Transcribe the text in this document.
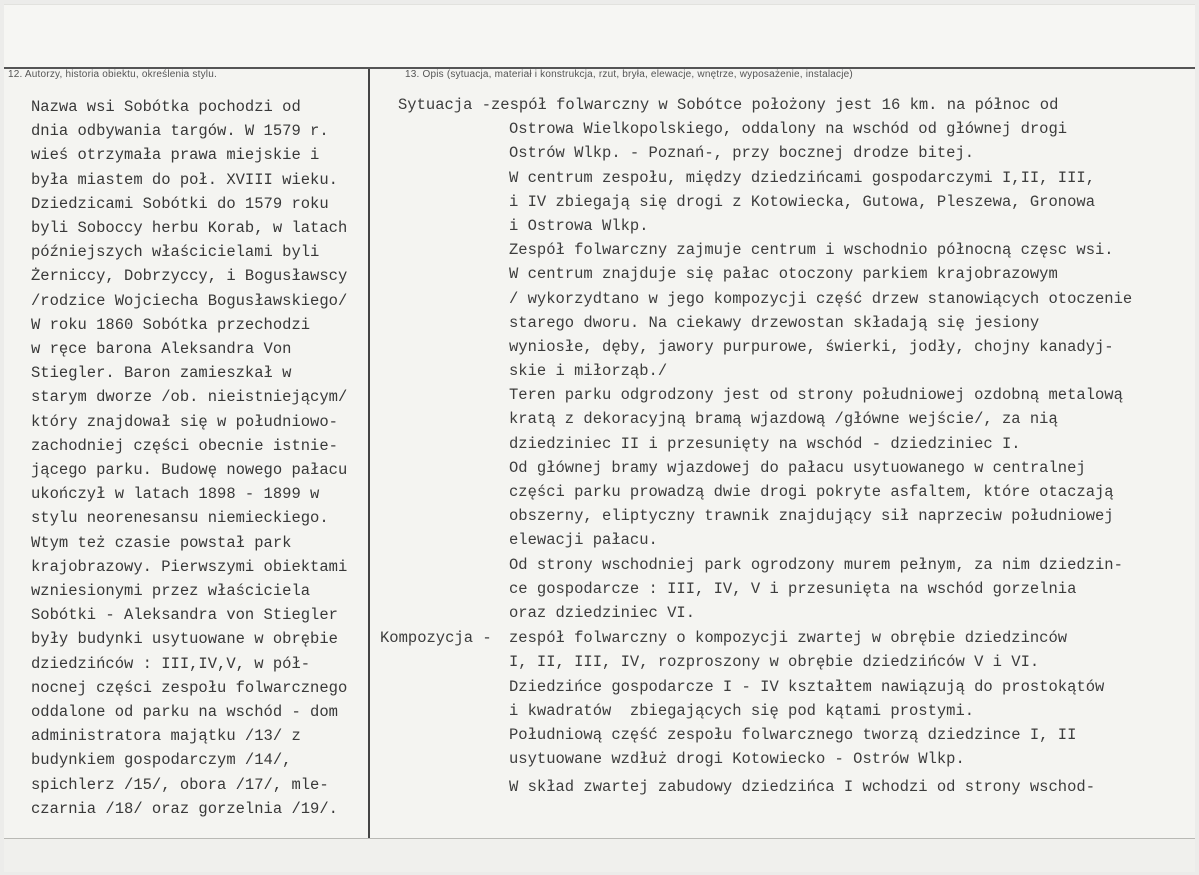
12. Autorzy, historia obiektu, określenia stylu.	13. Opis (sytuacja, materiał i konstrukcja, rzut, bryła, elewacje, wnętrze, wyposażenie, instalacje)
Nazwa wsi Sobótka pochodzi od
dnia odbywania targów. W 1579 r.
wieś otrzymała prawa miejskie i
była miastem do poł. XVIII wieku.
Dziedzicami Sobótki do 1579 roku
byli Soboccy herbu Korab, w latach
późniejszych właścicielami byli
Żerniccy, Dobrzyccy, i Bogusławscy
/rodzice Wojciecha Bogusławskiego/
W roku 1860 Sobótka przechodzi
w ręce barona Aleksandra Von
Stiegler. Baron zamieszkał w
starym dworze /ob. nieistniejącym/
który znajdował się w południowo-
zachodniej części obecnie istnie-
jącego parku. Budowę nowego pałacu
ukończył w latach 1898 - 1899 w
stylu neorenesansu niemieckiego.
Wtym też czasie powstał park
krajobrazowy. Pierwszymi obiektami
wzniesionymi przez właściciela
Sobótki - Aleksandra von Stiegler
były budynki usytuowane w obrębie
dziedzińców : III,IV,V, w pół-
nocnej części zespołu folwarcznego
oddalone od parku na wschód - dom
administratora majątku /13/ z
budynkiem gospodarczym /14/,
spichlerz /15/, obora /17/, mle-
czarnia /18/ oraz gorzelnia /19/.
Sytuacja - zespół folwarczny w Sobótce położony jest 16 km. na północ od
Ostrowa Wielkopolskiego, oddalony na wschód od głównej drogi
Ostrów Wlkp. - Poznań-, przy bocznej drodze bitej.
W centrum zespołu, między dziedzińcami gospodarczymi I,II, III,
i IV zbiegają się drogi z Kotowiecka, Gutowa, Pleszewa, Gronowa
i Ostrowa Wlkp.
Zespół folwarczny zajmuje centrum i wschodnio północną częsc wsi.
W centrum znajduje się pałac otoczony parkiem krajobrazowym
/ wykorzydtano w jego kompozycji część drzew stanowiących otoczenie
starego dworu. Na ciekawy drzewostan składają się jesiony
wyniosłe, dęby, jawory purpurowe, świerki, jodły, chojny kanadyj-
skie i miłorząb./
Teren parku odgrodzony jest od strony południowej ozdobną metalową
kratą z dekoracyjną bramą wjazdową /główne wejście/, za nią
dziedziniec II i przesunięty na wschód - dziedziniec I.
Od głównej bramy wjazdowej do pałacu usytuowanego w centralnej
części parku prowadzą dwie drogi pokryte asfaltem, które otaczają
obszerny, eliptyczny trawnik znajdujący sił naprzeciw południowej
elewacji pałacu.
Od strony wschodniej park ogrodzony murem pełnym, za nim dziedzin-
ce gospodarcze : III, IV, V i przesunięta na wschód gorzelnia
oraz dziedziniec VI.
Kompozycja - zespół folwarczny o kompozycji zwartej w obrębie dziedzinców
I, II, III, IV, rozproszony w obrębie dziedzińców V i VI.
Dziedzińce gospodarcze I - IV kształtem nawiązują do prostokątów
i kwadratów  zbiegających się pod kątami prostymi.
Południową część zespołu folwarcznego tworzą dziedzince I, II
usytuowane wzdłuż drogi Kotowiecko - Ostrów Wlkp.
W skład zwartej zabudowy dziedzińca I wchodzi od strony wschod-
